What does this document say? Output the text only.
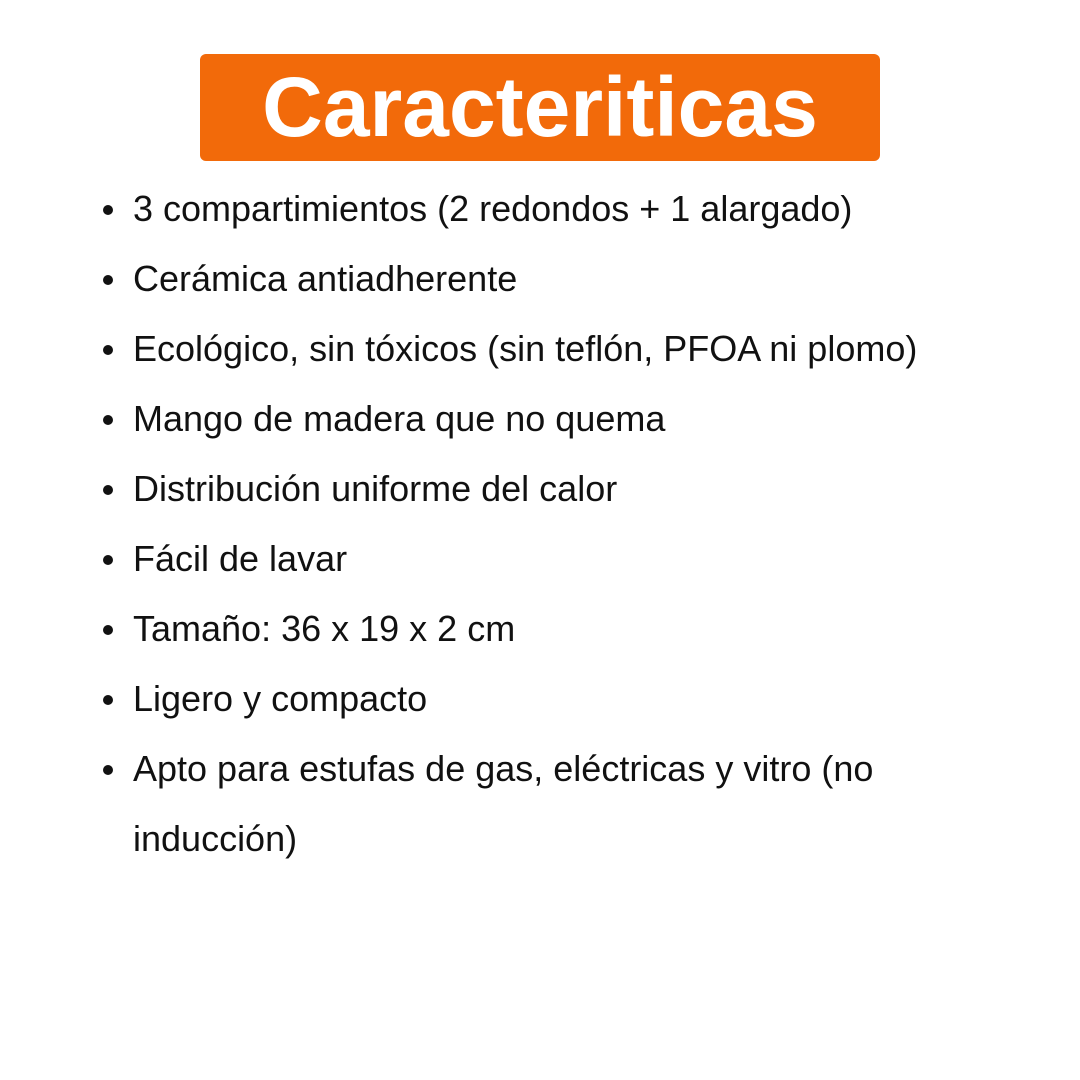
Caracteriticas
3 compartimientos (2 redondos + 1 alargado)
Cerámica antiadherente
Ecológico, sin tóxicos (sin teflón, PFOA ni plomo)
Mango de madera que no quema
Distribución uniforme del calor
Fácil de lavar
Tamaño: 36 x 19 x 2 cm
Ligero y compacto
Apto para estufas de gas, eléctricas y vitro (no inducción)
